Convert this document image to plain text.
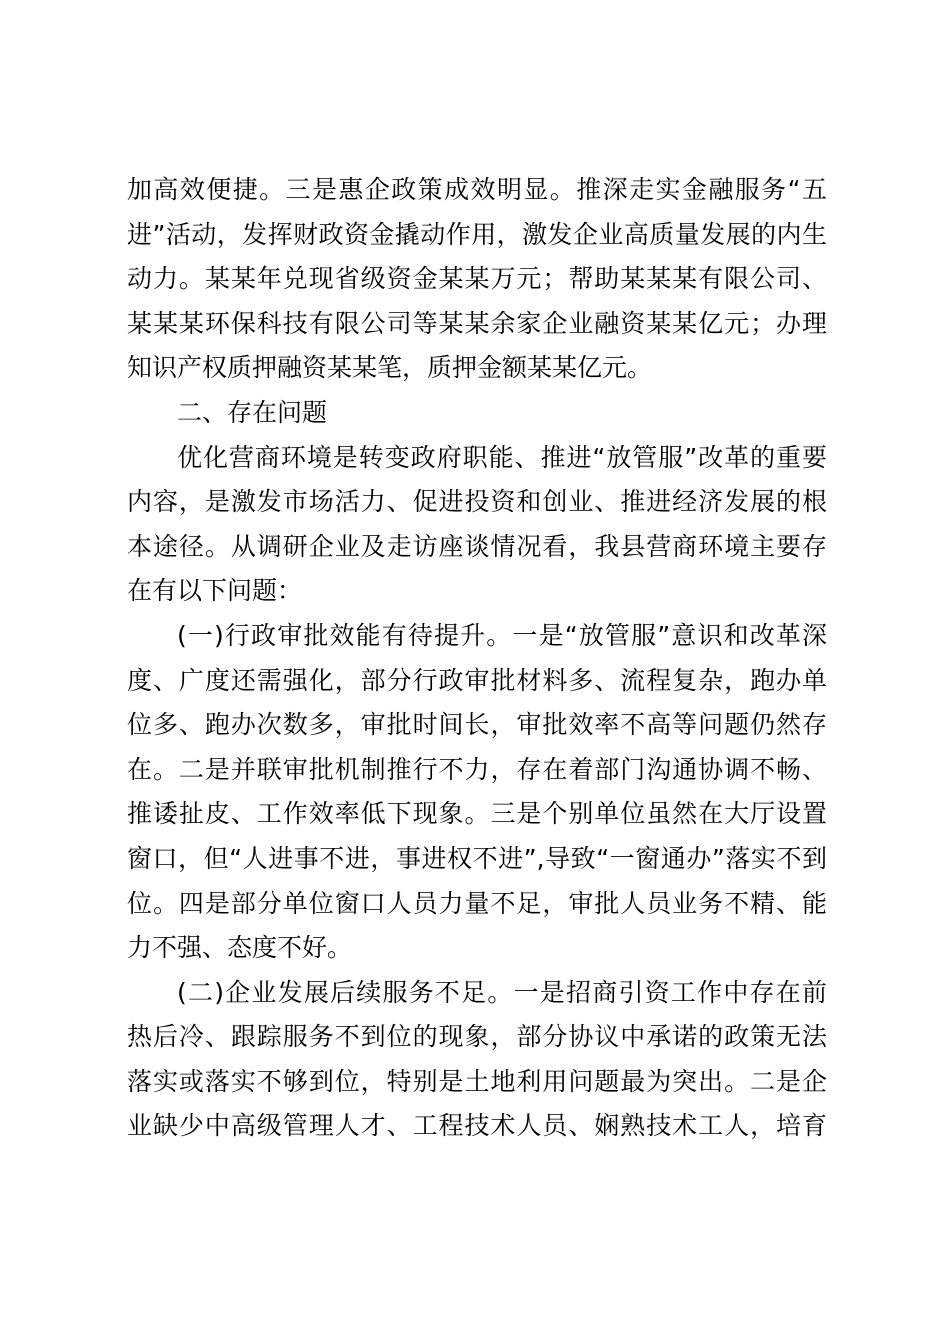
加高效便捷。三是惠企政策成效明显。推深走实金融服务“五
进”活动，发挥财政资金撬动作用，激发企业高质量发展的内生
动力。某某年兑现省级资金某某万元；帮助某某某有限公司、
某某某环保科技有限公司等某某余家企业融资某某亿元；办理
知识产权质押融资某某笔，质押金额某某亿元。
二、存在问题
优化营商环境是转变政府职能、推进“放管服”改革的重要
内容，是激发市场活力、促进投资和创业、推进经济发展的根
本途径。从调研企业及走访座谈情况看，我县营商环境主要存
在有以下问题：
(一)行政审批效能有待提升。一是“放管服”意识和改革深
度、广度还需强化，部分行政审批材料多、流程复杂，跑办单
位多、跑办次数多，审批时间长，审批效率不高等问题仍然存
在。二是并联审批机制推行不力，存在着部门沟通协调不畅、
推诿扯皮、工作效率低下现象。三是个别单位虽然在大厅设置
窗口，但“人进事不进，事进权不进”,导致“一窗通办”落实不到
位。四是部分单位窗口人员力量不足，审批人员业务不精、能
力不强、态度不好。
(二)企业发展后续服务不足。一是招商引资工作中存在前
热后冷、跟踪服务不到位的现象，部分协议中承诺的政策无法
落实或落实不够到位，特别是土地利用问题最为突出。二是企
业缺少中高级管理人才、工程技术人员、娴熟技术工人，培育
